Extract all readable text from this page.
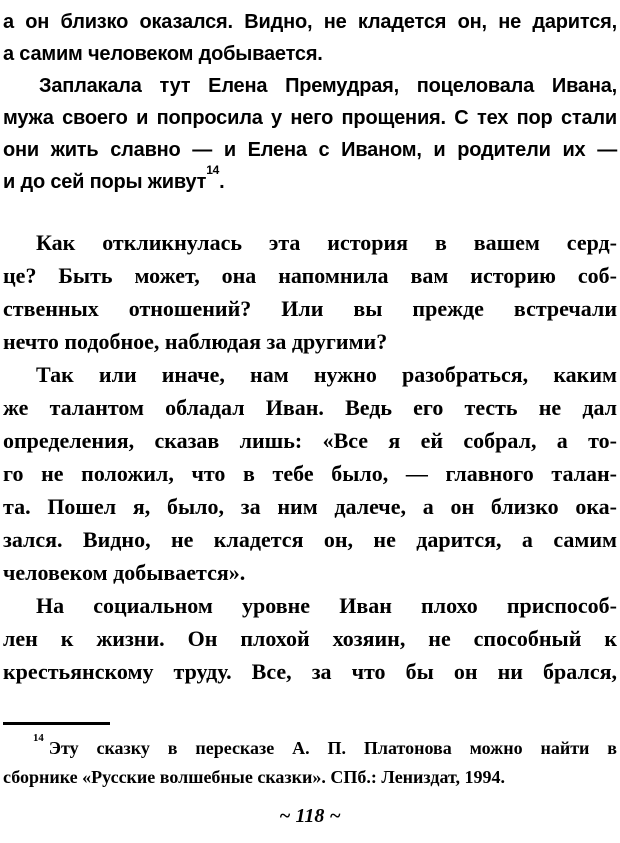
а он близко оказался. Видно, не кладется он, не дарится,
а самим человеком добывается.
Заплакала тут Елена Премудрая, поцеловала Ивана,
мужа своего и попросила у него прощения. С тех пор стали
они жить славно — и Елена с Иваном, и родители их —
и до сей поры живут$^{14}$.
Как откликнулась эта история в вашем серд-
це? Быть может, она напомнила вам историю соб-
ственных отношений? Или вы прежде встречали
нечто подобное, наблюдая за другими?
Так или иначе, нам нужно разобраться, каким
же талантом обладал Иван. Ведь его тесть не дал
определения, сказав лишь: «Все я ей собрал, а то-
го не положил, что в тебе было, — главного талан-
та. Пошел я, было, за ним далече, а он близко ока-
зался. Видно, не кладется он, не дарится, а самим
человеком добывается».
На социальном уровне Иван плохо приспособ-
лен к жизни. Он плохой хозяин, не способный к
крестьянскому труду. Все, за что бы он ни брался,
$^{14}$ Эту сказку в пересказе А. П. Платонова можно найти в
сборнике «Русские волшебные сказки». СПб.: Лениздат, 1994.
~ 118 ~
